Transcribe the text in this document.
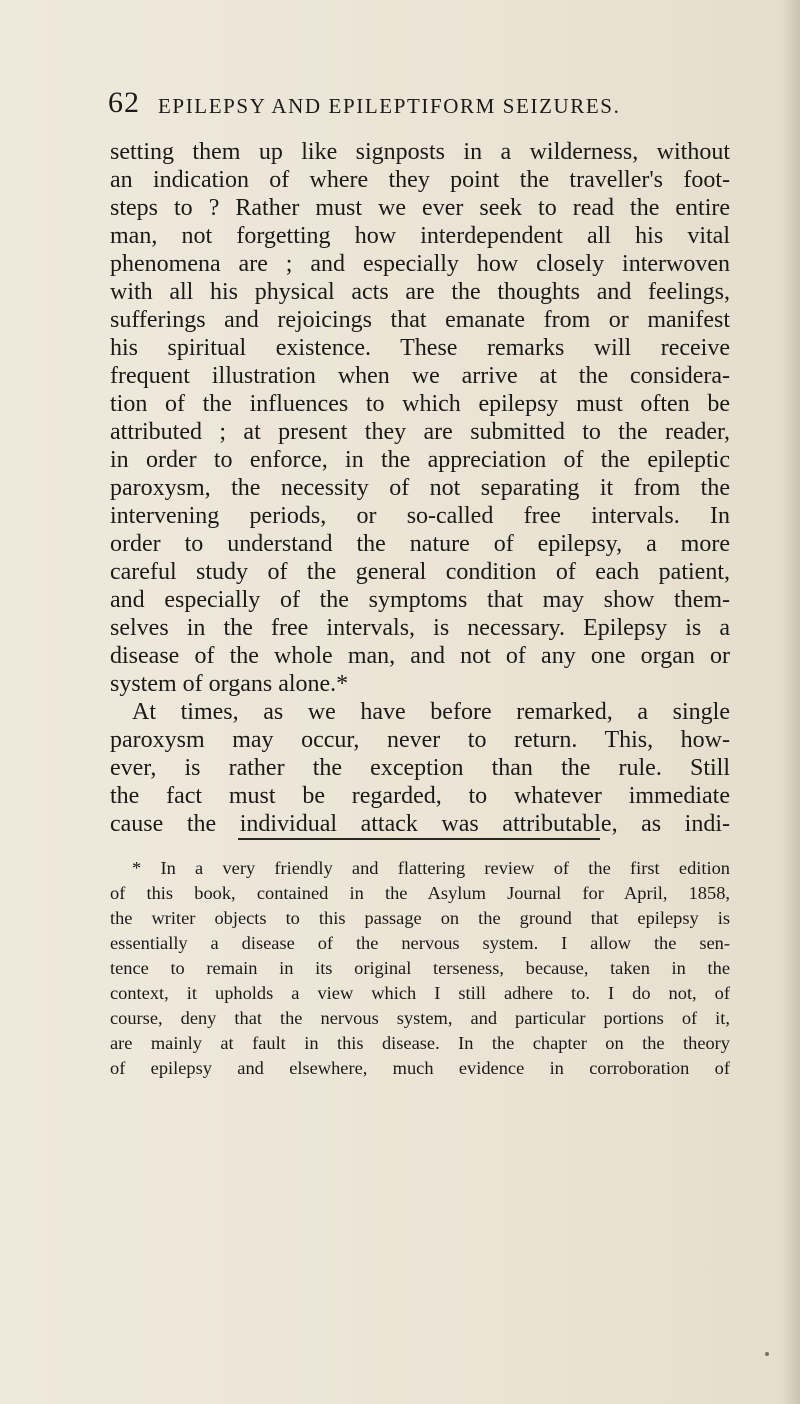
62 EPILEPSY AND EPILEPTIFORM SEIZURES.
setting them up like signposts in a wilderness, without
an indication of where they point the traveller's foot-
steps to ? Rather must we ever seek to read the entire
man, not forgetting how interdependent all his vital
phenomena are ; and especially how closely interwoven
with all his physical acts are the thoughts and feelings,
sufferings and rejoicings that emanate from or manifest
his spiritual existence. These remarks will receive
frequent illustration when we arrive at the considera-
tion of the influences to which epilepsy must often be
attributed ; at present they are submitted to the reader,
in order to enforce, in the appreciation of the epileptic
paroxysm, the necessity of not separating it from the
intervening periods, or so-called free intervals. In
order to understand the nature of epilepsy, a more
careful study of the general condition of each patient,
and especially of the symptoms that may show them-
selves in the free intervals, is necessary. Epilepsy is a
disease of the whole man, and not of any one organ or
system of organs alone.*
At times, as we have before remarked, a single
paroxysm may occur, never to return. This, how-
ever, is rather the exception than the rule. Still
the fact must be regarded, to whatever immediate
cause the individual attack was attributable, as indi-
* In a very friendly and flattering review of the first edition
of this book, contained in the Asylum Journal for April, 1858,
the writer objects to this passage on the ground that epilepsy is
essentially a disease of the nervous system. I allow the sen-
tence to remain in its original terseness, because, taken in the
context, it upholds a view which I still adhere to. I do not, of
course, deny that the nervous system, and particular portions of it,
are mainly at fault in this disease. In the chapter on the theory
of epilepsy and elsewhere, much evidence in corroboration of
